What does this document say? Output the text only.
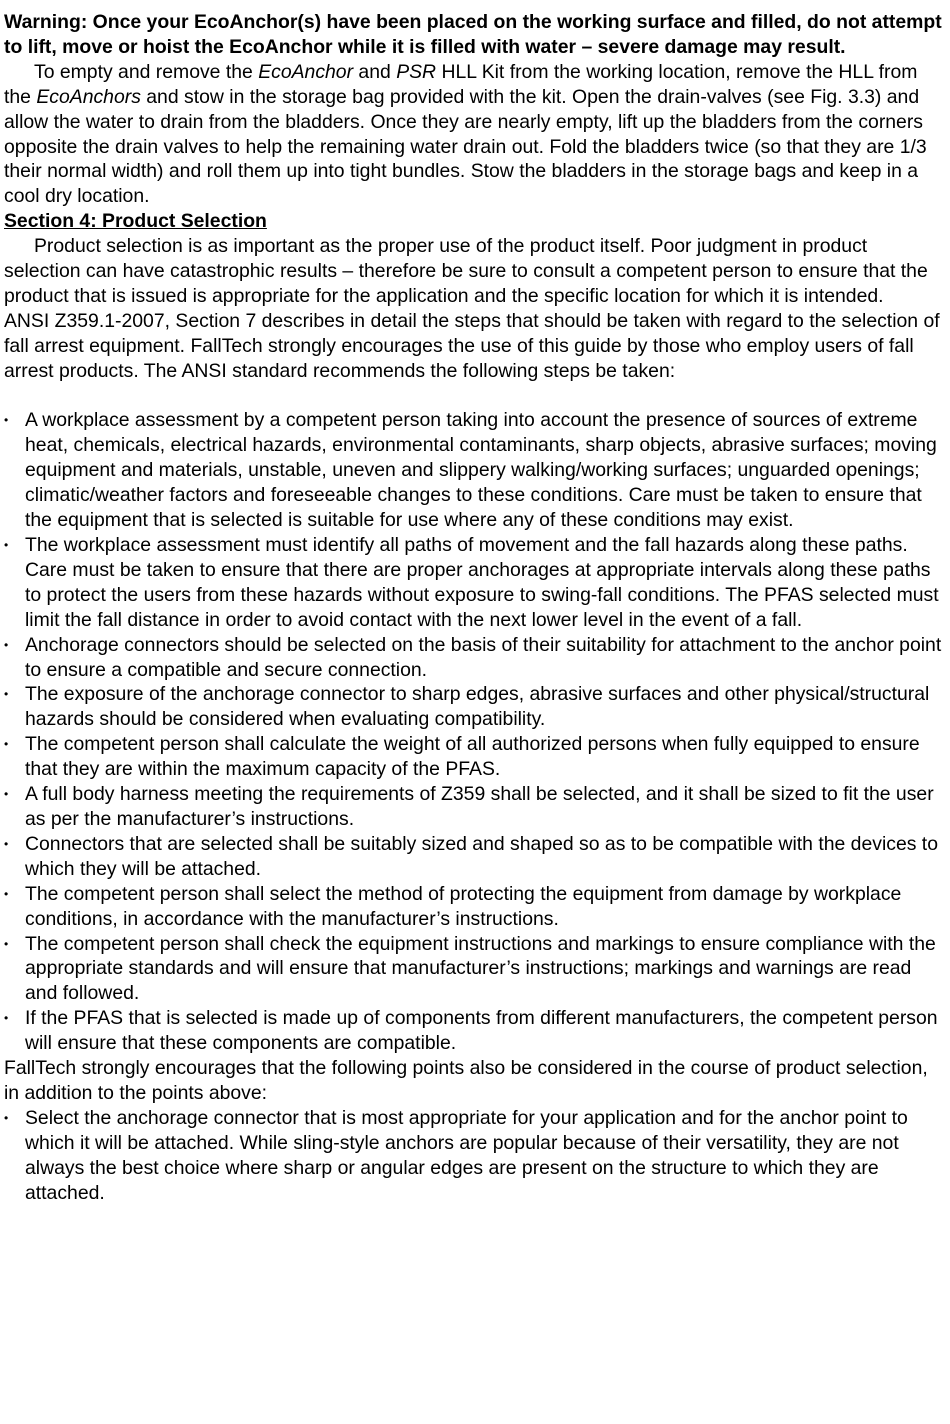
Warning: Once your EcoAnchor(s) have been placed on the working surface and filled, do not attempt to lift, move or hoist the EcoAnchor while it is filled with water – severe damage may result.

To empty and remove the EcoAnchor and PSR HLL Kit from the working location, remove the HLL from the EcoAnchors and stow in the storage bag provided with the kit. Open the drain-valves (see Fig. 3.3) and allow the water to drain from the bladders. Once they are nearly empty, lift up the bladders from the corners opposite the drain valves to help the remaining water drain out. Fold the bladders twice (so that they are 1/3 their normal width) and roll them up into tight bundles. Stow the bladders in the storage bags and keep in a cool dry location.

Section 4: Product Selection

Product selection is as important as the proper use of the product itself. Poor judgment in product selection can have catastrophic results – therefore be sure to consult a competent person to ensure that the product that is issued is appropriate for the application and the specific location for which it is intended.

ANSI Z359.1-2007, Section 7 describes in detail the steps that should be taken with regard to the selection of fall arrest equipment. FallTech strongly encourages the use of this guide by those who employ users of fall arrest products. The ANSI standard recommends the following steps be taken:

• A workplace assessment by a competent person taking into account the presence of sources of extreme heat, chemicals, electrical hazards, environmental contaminants, sharp objects, abrasive surfaces; moving equipment and materials, unstable, uneven and slippery walking/working surfaces; unguarded openings; climatic/weather factors and foreseeable changes to these conditions. Care must be taken to ensure that the equipment that is selected is suitable for use where any of these conditions may exist.
• The workplace assessment must identify all paths of movement and the fall hazards along these paths. Care must be taken to ensure that there are proper anchorages at appropriate intervals along these paths to protect the users from these hazards without exposure to swing-fall conditions. The PFAS selected must limit the fall distance in order to avoid contact with the next lower level in the event of a fall.
• Anchorage connectors should be selected on the basis of their suitability for attachment to the anchor point to ensure a compatible and secure connection.
• The exposure of the anchorage connector to sharp edges, abrasive surfaces and other physical/structural hazards should be considered when evaluating compatibility.
• The competent person shall calculate the weight of all authorized persons when fully equipped to ensure that they are within the maximum capacity of the PFAS.
• A full body harness meeting the requirements of Z359 shall be selected, and it shall be sized to fit the user as per the manufacturer’s instructions.
• Connectors that are selected shall be suitably sized and shaped so as to be compatible with the devices to which they will be attached.
• The competent person shall select the method of protecting the equipment from damage by workplace conditions, in accordance with the manufacturer’s instructions.
• The competent person shall check the equipment instructions and markings to ensure compliance with the appropriate standards and will ensure that manufacturer’s instructions; markings and warnings are read and followed.
• If the PFAS that is selected is made up of components from different manufacturers, the competent person will ensure that these components are compatible.

FallTech strongly encourages that the following points also be considered in the course of product selection, in addition to the points above:

• Select the anchorage connector that is most appropriate for your application and for the anchor point to which it will be attached. While sling-style anchors are popular because of their versatility, they are not always the best choice where sharp or angular edges are present on the structure to which they are attached.
